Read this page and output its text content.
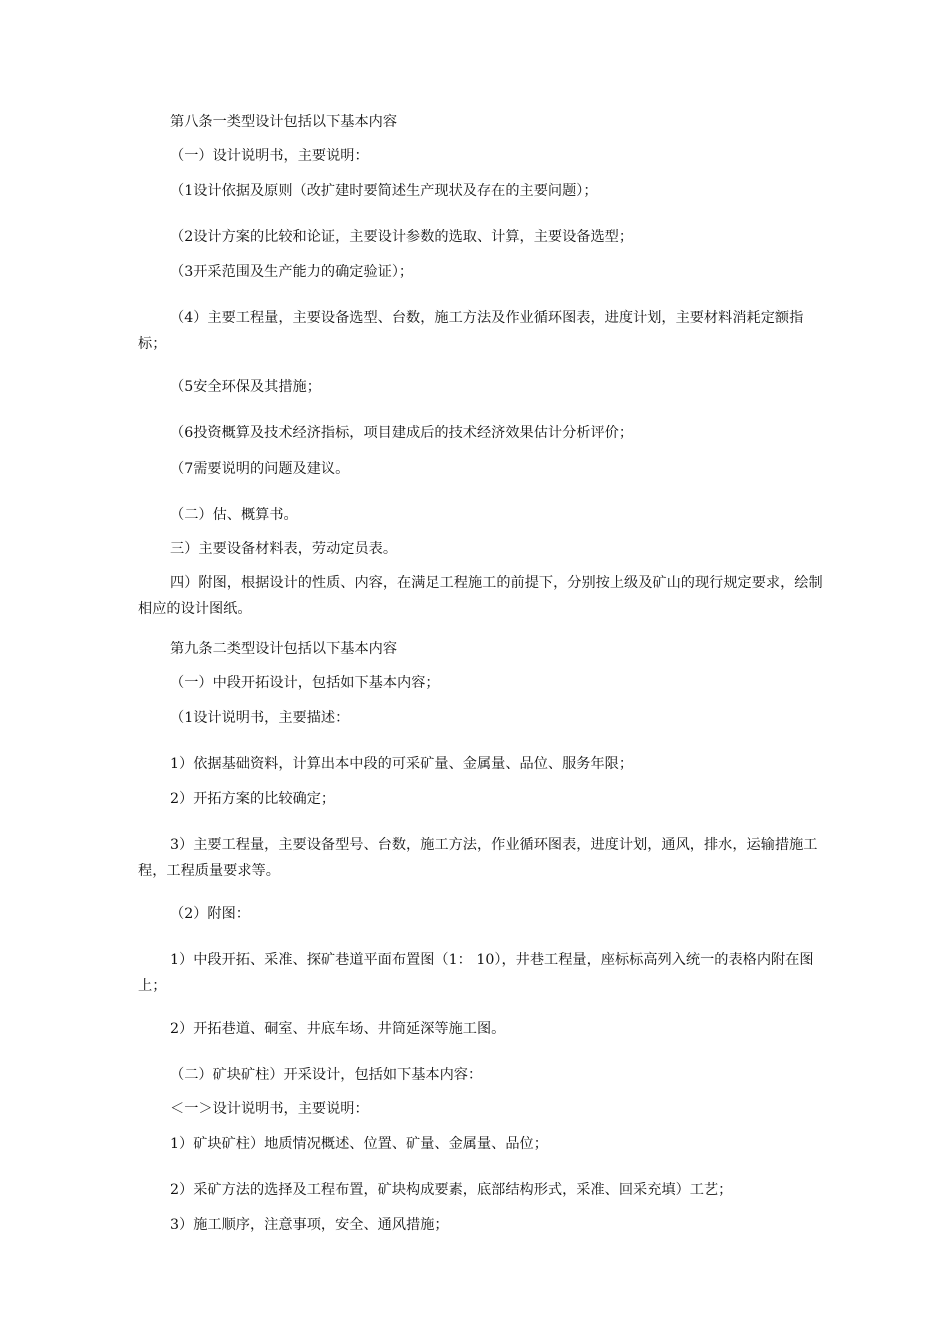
第八条一类型设计包括以下基本内容

（一）设计说明书，主要说明：

（1设计依据及原则（改扩建时要简述生产现状及存在的主要问题）；

（2设计方案的比较和论证，主要设计参数的选取、计算，主要设备选型；

（3开采范围及生产能力的确定验证）；

（4）主要工程量，主要设备选型、台数，施工方法及作业循环图表，进度计划，主要材料消耗定额指标；

（5安全环保及其措施；

（6投资概算及技术经济指标，项目建成后的技术经济效果估计分析评价；

（7需要说明的问题及建议。

（二）估、概算书。

三）主要设备材料表，劳动定员表。

四）附图，根据设计的性质、内容，在满足工程施工的前提下，分别按上级及矿山的现行规定要求，绘制相应的设计图纸。

第九条二类型设计包括以下基本内容

（一）中段开拓设计，包括如下基本内容；

（1设计说明书，主要描述：

1）依据基础资料，计算出本中段的可采矿量、金属量、品位、服务年限；

2）开拓方案的比较确定；

3）主要工程量，主要设备型号、台数，施工方法，作业循环图表，进度计划，通风，排水，运输措施工程，工程质量要求等。

（2）附图：

1）中段开拓、采准、探矿巷道平面布置图（1： 10），井巷工程量，座标标高列入统一的表格内附在图上；

2）开拓巷道、硐室、井底车场、井筒延深等施工图。

（二）矿块矿柱）开采设计，包括如下基本内容：

＜一＞设计说明书，主要说明：

1）矿块矿柱）地质情况概述、位置、矿量、金属量、品位；

2）采矿方法的选择及工程布置，矿块构成要素，底部结构形式，采准、回采充填）工艺；

3）施工顺序，注意事项，安全、通风措施；
